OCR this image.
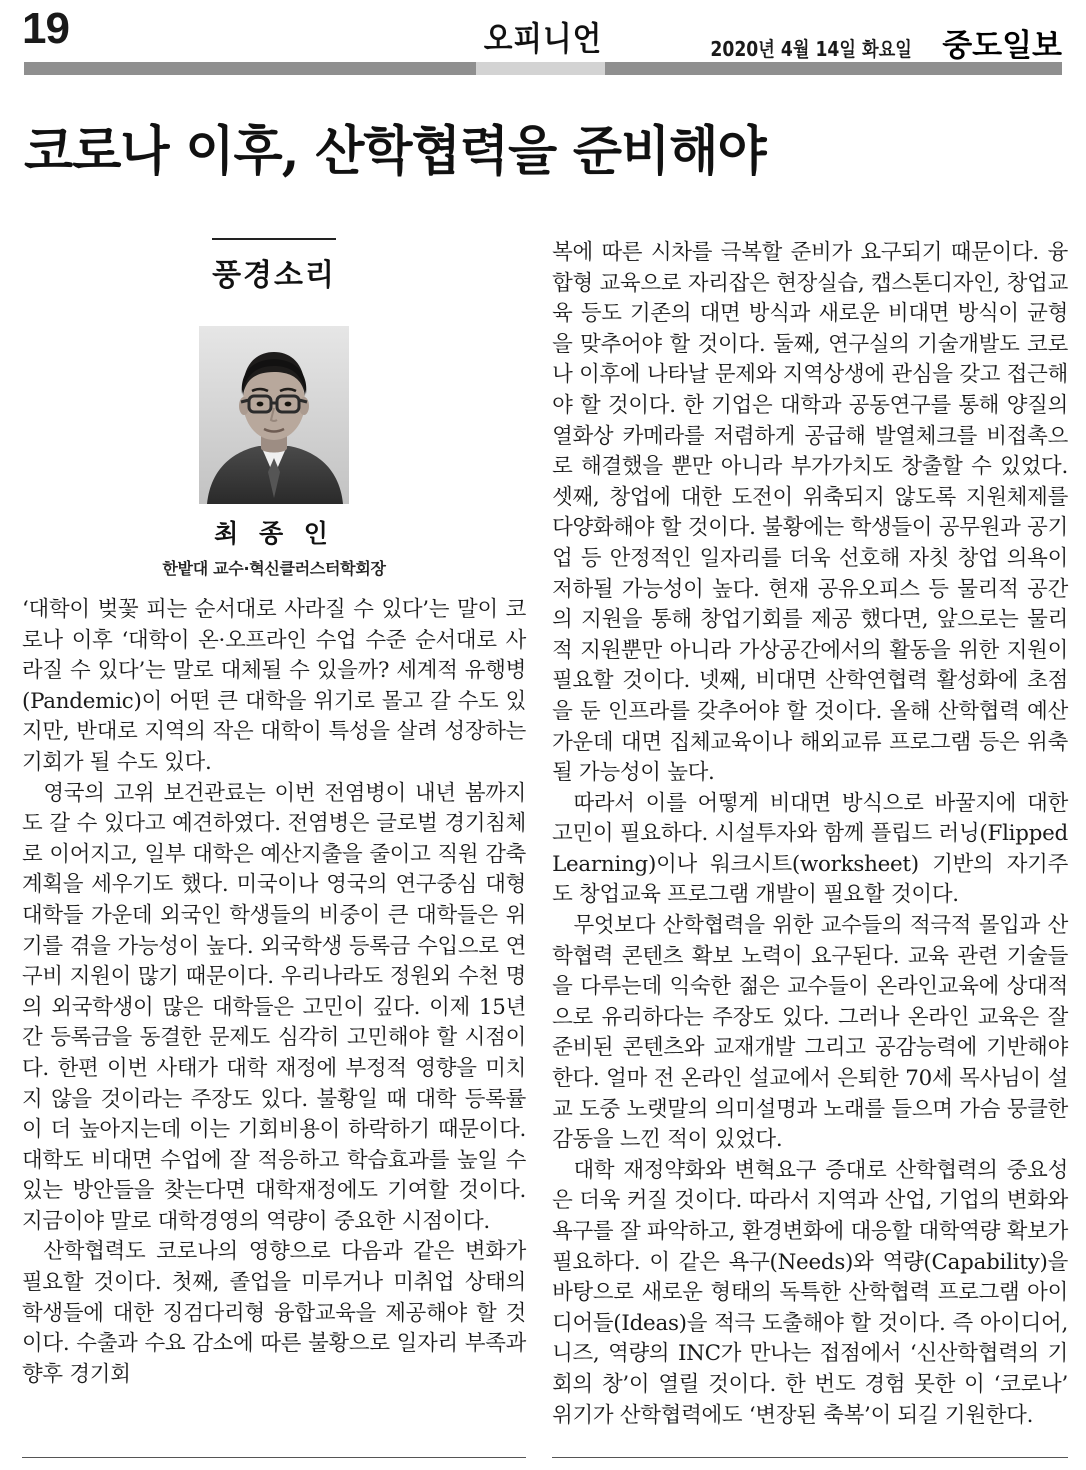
19	오피니언	2020년 4월 14일 화요일 중도일보
코로나 이후, 산학협력을 준비해야
풍경소리
최 종 인
한밭대 교수·혁신클러스터학회장

‘대학이 벚꽃 피는 순서대로 사라질 수 있다’는 말이 코로나 이후 ‘대학이 온·오프라인 수업 수준 순서대로 사라질 수 있다’는 말로 대체될 수 있을까? 세계적 유행병(Pandemic)이 어떤 큰 대학을 위기로 몰고 갈 수도 있지만, 반대로 지역의 작은 대학이 특성을 살려 성장하는 기회가 될 수도 있다.

영국의 고위 보건관료는 이번 전염병이 내년 봄까지도 갈 수 있다고 예견하였다. 전염병은 글로벌 경기침체로 이어지고, 일부 대학은 예산지출을 줄이고 직원 감축 계획을 세우기도 했다. 미국이나 영국의 연구중심 대형 대학들 가운데 외국인 학생들의 비중이 큰 대학들은 위기를 겪을 가능성이 높다. 외국학생 등록금 수입으로 연구비 지원이 많기 때문이다. 우리나라도 정원외 수천 명의 외국학생이 많은 대학들은 고민이 깊다. 이제 15년간 등록금을 동결한 문제도 심각히 고민해야 할 시점이다. 한편 이번 사태가 대학 재정에 부정적 영향을 미치지 않을 것이라는 주장도 있다. 불황일 때 대학 등록률이 더 높아지는데 이는 기회비용이 하락하기 때문이다. 대학도 비대면 수업에 잘 적응하고 학습효과를 높일 수 있는 방안들을 찾는다면 대학재정에도 기여할 것이다. 지금이야 말로 대학경영의 역량이 중요한 시점이다.

산학협력도 코로나의 영향으로 다음과 같은 변화가 필요할 것이다. 첫째, 졸업을 미루거나 미취업 상태의 학생들에 대한 징검다리형 융합교육을 제공해야 할 것이다. 수출과 수요 감소에 따른 불황으로 일자리 부족과 향후 경기회

복에 따른 시차를 극복할 준비가 요구되기 때문이다. 융합형 교육으로 자리잡은 현장실습, 캡스톤디자인, 창업교육 등도 기존의 대면 방식과 새로운 비대면 방식이 균형을 맞추어야 할 것이다. 둘째, 연구실의 기술개발도 코로나 이후에 나타날 문제와 지역상생에 관심을 갖고 접근해야 할 것이다. 한 기업은 대학과 공동연구를 통해 양질의 열화상 카메라를 저렴하게 공급해 발열체크를 비접촉으로 해결했을 뿐만 아니라 부가가치도 창출할 수 있었다. 셋째, 창업에 대한 도전이 위축되지 않도록 지원체제를 다양화해야 할 것이다. 불황에는 학생들이 공무원과 공기업 등 안정적인 일자리를 더욱 선호해 자칫 창업 의욕이 저하될 가능성이 높다. 현재 공유오피스 등 물리적 공간의 지원을 통해 창업기회를 제공 했다면, 앞으로는 물리적 지원뿐만 아니라 가상공간에서의 활동을 위한 지원이 필요할 것이다. 넷째, 비대면 산학연협력 활성화에 초점을 둔 인프라를 갖추어야 할 것이다. 올해 산학협력 예산가운데 대면 집체교육이나 해외교류 프로그램 등은 위축될 가능성이 높다.

따라서 이를 어떻게 비대면 방식으로 바꿀지에 대한 고민이 필요하다. 시설투자와 함께 플립드 러닝(Flipped Learning)이나 워크시트(worksheet) 기반의 자기주도 창업교육 프로그램 개발이 필요할 것이다.

무엇보다 산학협력을 위한 교수들의 적극적 몰입과 산학협력 콘텐츠 확보 노력이 요구된다. 교육 관련 기술들을 다루는데 익숙한 젊은 교수들이 온라인교육에 상대적으로 유리하다는 주장도 있다. 그러나 온라인 교육은 잘 준비된 콘텐츠와 교재개발 그리고 공감능력에 기반해야 한다. 얼마 전 온라인 설교에서 은퇴한 70세 목사님이 설교 도중 노랫말의 의미설명과 노래를 들으며 가슴 뭉클한 감동을 느낀 적이 있었다.

대학 재정약화와 변혁요구 증대로 산학협력의 중요성은 더욱 커질 것이다. 따라서 지역과 산업, 기업의 변화와 욕구를 잘 파악하고, 환경변화에 대응할 대학역량 확보가 필요하다. 이 같은 욕구(Needs)와 역량(Capability)을 바탕으로 새로운 형태의 독특한 산학협력 프로그램 아이디어들(Ideas)을 적극 도출해야 할 것이다. 즉 아이디어, 니즈, 역량의 INC가 만나는 접점에서 ‘신산학협력의 기회의 창’이 열릴 것이다. 한 번도 경험 못한 이 ‘코로나’ 위기가 산학협력에도 ‘변장된 축복’이 되길 기원한다.
